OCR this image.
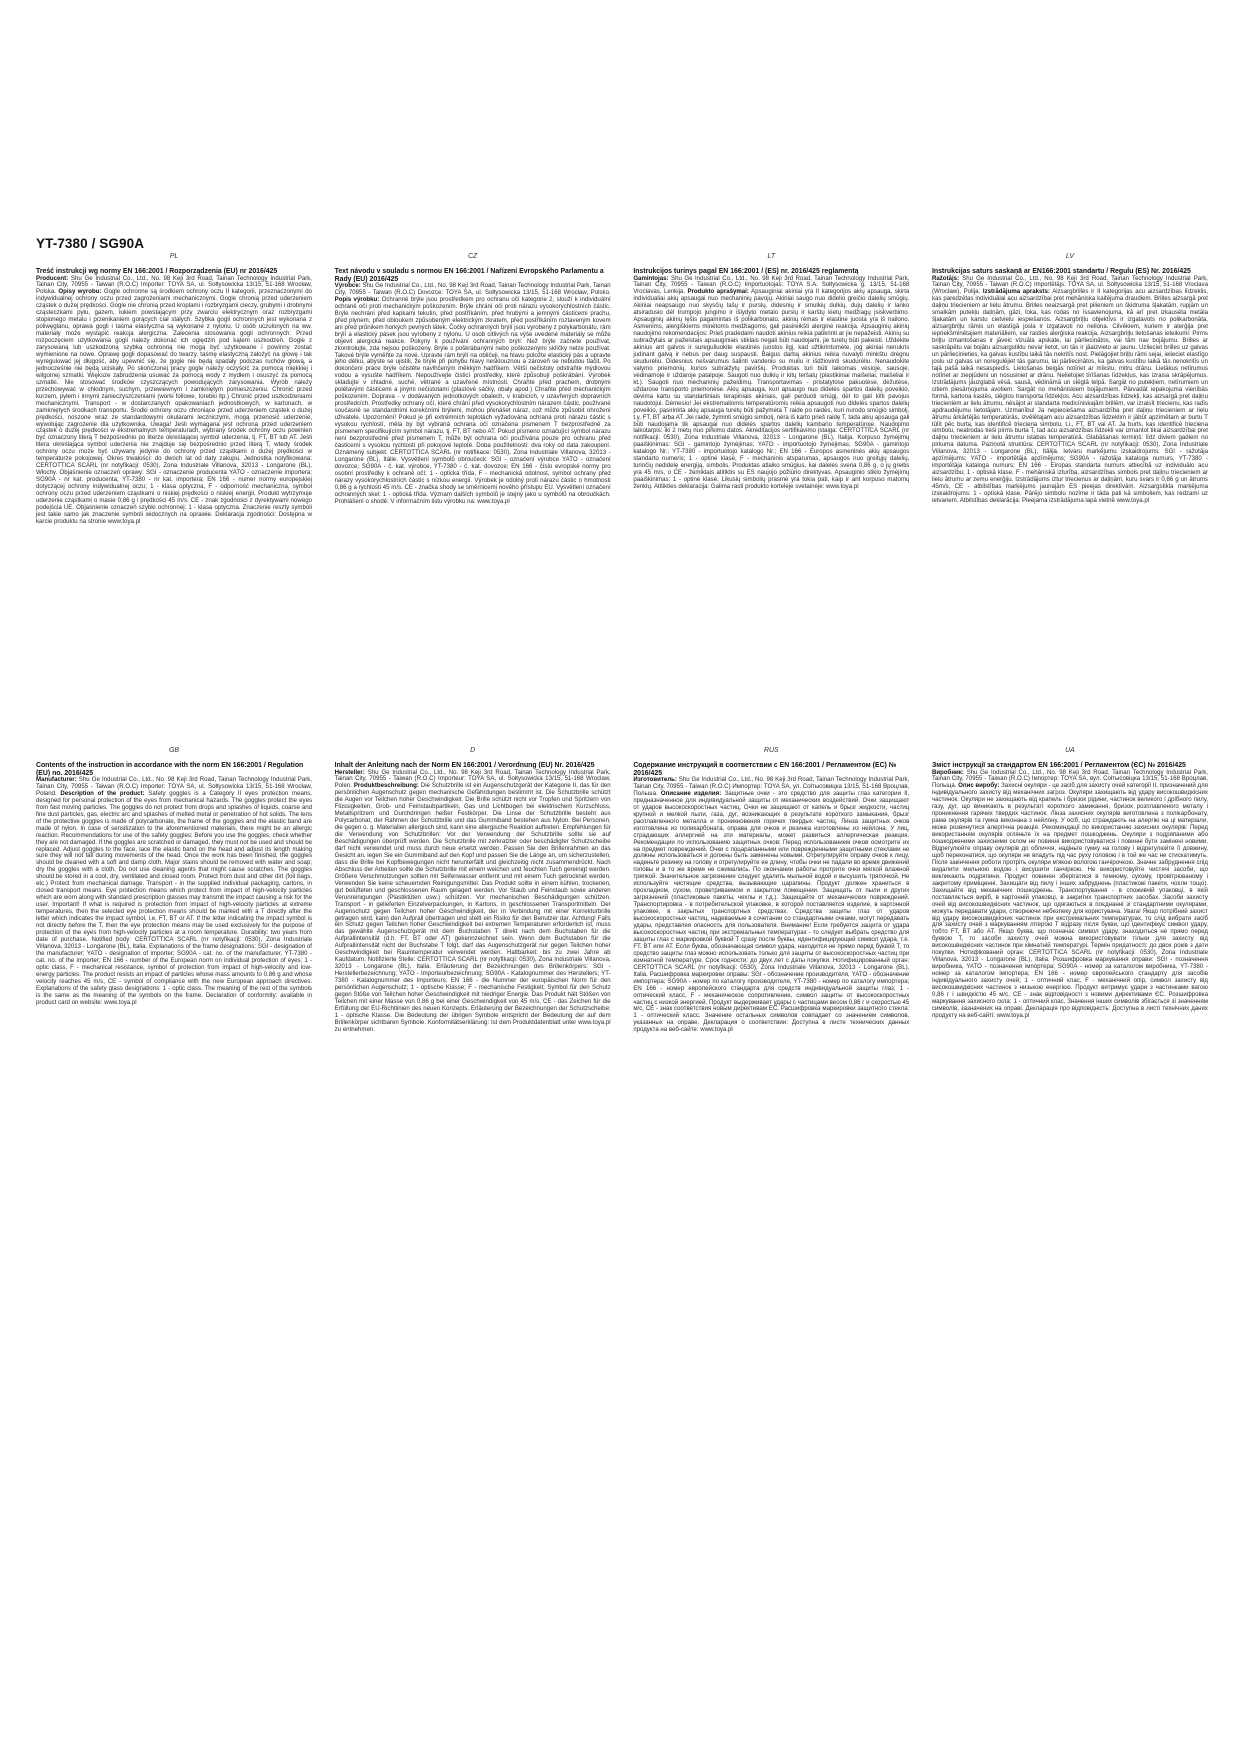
YT-7380 / SG90A
PL
Treść instrukcji wg normy EN 166:2001 / Rozporządzenia (EU) nr 2016/425
Producent: Shu Ge Industrial Co., Ltd., No. 98 Keji 3rd Road, Tainan Technology Industrial Park, Tainan City, 70955 - Taiwan (R.O.C) Importer: TOYA SA, ul. Sołtysowicka 13/15, 51-168 Wrocław, Polska. Opisy wyrobu: Gogle ochronne są środkiem ochrony oczu II kategorii, przeznaczonymi do indywidualnej ochrony oczu przed zagrożeniami mechanicznymi. Gogle chronią przed uderzeniem cząstek o dużej prędkości. Gogle nie chronią przed kroplami i rozbryzgami cieczy, grubymi i drobnymi cząsteczkami pyłu, gazem, łukiem powstającym przy zwarciu elektrycznym oraz rozbryzgami stopionego metalu i przenikaniem gorących ciał stałych. Szybka gogli ochronnych jest wykonana z poliwęglanu, oprawa gogli i taśma elastyczna są wykonane z nylonu. U osób uczulonych na ww. materiały może wystąpić reakcja alergiczna. Zalecenia stosowania gogli ochronnych: Przed rozpoczęciem użytkowania gogli należy dokonać ich oględzin pod kątem uszkodzeń. Gogle z zarysowaną lub uszkodzoną szybką ochronną nie mogą być użytkowane i powinny zostać wymienione na nowe. Oprawę gogli dopasować do twarzy, taśmę elastyczną założyć na głowę i tak wyregulować jej długość, aby upewnić się, że gogle nie będą spadały podczas ruchów głową, a jednocześnie nie będą uciskały. Po skończonej pracy gogle należy oczyścić za pomocą miękkiej i wilgotnej szmatki. Większe zabrudzenia usuwać za pomocą wody z mydłem i osuszyć za pomocą szmatki. Nie stosować środków czyszczących powodujących zarysowania. Wyrób należy przechowywać w chłodnym, suchym, przewiewnym i zamkniętym pomieszczeniu. Chronić przed kurzem, pyłem i innymi zanieczyszczeniami (worki foliowe, torebki itp.) Chronić przed uszkodzeniami mechanicznymi. Transport - w dostarczanych opakowaniach jednostkowych, w kartonach, w zamkniętych środkach transportu. Środki ochrony oczu chroniące przed uderzeniem cząstek o dużej prędkości, noszone wraz ze standardowymi okularami leczniczymi, mogą przenosić uderzenie, wywołując zagrożenie dla użytkownika. Uwaga! Jeśli wymagana jest ochrona przed uderzeniem cząstek o dużej prędkości w ekstremalnych temperaturach, wybrany środek ochrony oczu powinien być oznaczony literą T bezpośrednio po literze określającej symbol uderzenia, tj. FT, BT lub AT. Jeśli litera określająca symbol uderzenia nie znajduje się bezpośrednio przed literą T, wtedy środek ochrony oczu może być używany jedynie do ochrony przed cząstkami o dużej prędkości w temperaturze pokojowej. Okres trwałości: do dwóch lat od daty zakupu. Jednostka notyfikowana: CERTOTTICA SCARL (nr notyfikacji: 0530), Zona Industriale Villanova, 32013 - Longarone (BL), Włochy. Objaśnienie oznaczeń oprawy: SGI - oznaczenie producenta YATO - oznaczenie importera; SG90A - nr kat. producenta, YT-7380 - nr kat. importera; EN 166 - numer normy europejskiej dotyczącej ochrony indywidualnej oczu; 1 - klasa optyczna, F - odporność mechaniczna, symbol ochrony oczu przed uderzeniem cząstkami o niskiej prędkości o niskiej energii. Produkt wytrzymuje uderzenie cząstkami o masie 0,86 g i prędkości 45 m/s. CE - znak zgodności z dyrektywami nowego podejścia UE. Objaśnienie oznaczeń szybki ochronnej: 1 - klasa optyczna. Znaczenie reszty symboli jest takie samo jak znaczenie symboli widocznych na oprawie. Deklaracja zgodności: Dostępna w karcie produktu na stronie www.toya.pl
CZ
Text návodu v souladu s normou EN 166:2001 / Nařízení Evropského Parlamentu a Rady (EU) 2016/425
Výrobce: Shu Ge Industrial Co., Ltd., No. 98 Keji 3rd Road, Tainan Technology Industrial Park, Tainan City, 70955 - Taiwan (R.O.C) Dovozce: TOYA SA, ul. Sołtysowicka 13/15, 51-168 Wrocław, Polsko. Popis výrobku: Ochranné brýle jsou prostředkem pro ochranu očí kategorie 2, slouží k individuální ochraně očí proti mechanickým poškozením. Brýle chrání oči proti nárazu vysokorychlostních částic. Brýle nechrání před kapkami tekutin, před postříkáním, před hrubými a jemnými částicemi prachu, před plynem, před obloukem způsobeným elektrickým zkratem, před postříkáním roztaveným kovem ani před průnikem horkých pevných látek. Čočky ochranných brýlí jsou vyrobeny z polykarbonátu, rám brýlí a elastický pásek jsou vyrobeny z nylonu. U osob citlivých na výše uvedené materiály se může objevit alergická reakce. Pokyny k používání ochranných brýlí: Než brýle začnete používat, zkontrolujte, zda nejsou poškozeny. Brýle s poškrábanými nebo poškozenými sklíčky nelze používat. Takové brýle vyměňte za nové. Upravte rám brýlí na obličeji, na hlavu položte elastický pás a upravte jeho délku, abyste se ujistili, že brýle při pohybu hlavy nesklouznou a zároveň se nebudou tlačit. Po dokončení práce brýle očistěte navlhčeným měkkým hadříkem. Větší nečistoty odstraňte mýdlovou vodou a vysušte hadříkem. Nepoužívejte čisticí prostředky, které způsobují poškrábání. Výrobek skladujte v chladné, suché, větrané a uzavřené místnosti. Chraňte před prachem, drobnými polétavými částicemi a jinými nečistotami (plastové sáčky, obaly apod.) Chraňte před mechanickým poškozením. Doprava - v dodávaných jednotkových obalech, v krabicích, v uzavřených dopravních prostředcích. Prostředky ochrany očí, které chrání před vysokorychlostním nárazem částic, používané současně se standardními korekčními brýlemi, mohou přenášet náraz, což může způsobit ohrožení uživatele. Upozornění! Pokud je při extrémních teplotách vyžadována ochrana proti nárazu částic s vysokou rychlostí, měla by být vybraná ochrana očí označena písmenem T bezprostředně za písmenem specifikujícím symbol nárazu, tj. FT, BT nebo AT. Pokud písmeno označující symbol nárazu není bezprostředně před písmenem T, může být ochrana očí používána pouze pro ochranu před částicemi s vysokou rychlostí při pokojové teplotě. Doba použitelnosti: dva roky od data zakoupení. Oznámený subjekt: CERTOTTICA SCARL (nr notifikace: 0530), Zona Industriale Villanova, 32013 - Longarone (BL), Itálie. Vysvětlení symbolů obroučeck: SGI - označení výrobce YATO - označení dovozce; SG90A - č. kat. výrobce, YT-7380 - č. kat. dovozce; EN 166 - číslo evropské normy pro osobní prostředky k ochraně očí; 1 - optická třída, F - mechanická odolnost, symbol ochrany před nárazy vysokorychlostních částic s nízkou energií. Výrobek je odolný proti nárazu částic o hmotnosti 0,86 g a rychlosti 45 m/s. CE - značka shody se směrnicemi nového přístupu EU. Vysvětlení označení ochranných skel: 1 - optická třída. Význam dalších symbolů je stejný jako u symbolů na obroučkách. Prohlášení o shodě: V informačním listu výrobku na: www.toya.pl
LT
Instrukcijos turinys pagal EN 166:2001 / (ES) nr. 2016/425 reglamentą
Gamintojas: Shu Ge Industrial Co., Ltd., No. 98 Keji 3rd Road, Tainan Technology Industrial Park, Tainan City, 70955 - Taiwan (R.O.C) Importuotojas: TOYA S.A. Sołtysowicka g. 13/15, 51-168 Vroclavas, Lenkija. Produkto aprašymai: Apsauginiai akiniai yra II kategorijos akių apsauga, skirta individualiai akių apsaugai nuo mechaninių pavojų. Akiniai saugo nuo didelio greičio dalelių smūgių. Akiniai neapsaugo nuo skysčių lašų ir purslų, didesnių ir smulkių dulkių, dujų dalelių ir lanko atsiradusio dėl trumpojo jungimo ir išlydyto metalo purslų ir karštų kietų medžiagų įsiskverbimo. Apsauginių akinių lęšis pagamintas iš polikarbonato, akinių rėmas ir elastinė juosta yra iš nailono. Asmenims, alergiškiems minėtoms medžiagoms, gali pasireikšti alerginė reakcija. Apsauginių akinių naudojimo rekomendacijos: Prieš pradėdami naudoti akinius reikia patikrinti ar jie nepažeisti. Akinių su subraižytais ar pažeistais apsauginiais stiklais negali būti naudojami, jie turėtų būti pakeisti. Uždėkite akinius ant galvos ir sureguliuokite elastinės juostos ilgį, kad užtikrintumėte, jog akiniai nenukris judinant galvą ir nebus per daug suspausti. Baigus darbą akinius reikia nuvalyti minkštu drėgnu skudurėliu. Didesnius nešvarumus šalinti vandeniu su muilu ir išdžiovinti skudurėliu. Nenaudokite valymo priemonių, kurios subraižytų paviršių. Produktas turi būti laikomas vėsioje, sausoje, vėdinamoje ir uždaroje patalpoje. Saugoti nuo dulkių ir kitų teršalų (plastikiniai maišeliai, maišeliai ir kt.). Saugoti nuo mechaninių pažeidimų. Transportavimas - pristatytose pakuotėse, dėžutėse, uždarose transporto priemonėse. Akių apsauga, kuri apsaugo nuo didelės spartos dalelių poveikio, dėvima kartu su standartiniais terapiniais akiniais, gali perduoti smūgį, dėl to gali kilti pavojus naudotojui. Dėmesio! Jei ekstremaliomis temperatūromis reikia apsaugoti nuo didelės spartos dalelių poveikio, pasirinkta akių apsauga turėtų būti pažymėta T raide po raidės, kuri nurodo smūgio simbolį, t.y. FT, BT arba AT. Jei raidė, žyminti smūgio simbolį, nėra iš karto prieš raidę T, tada akių apsauga gali būti naudojama tik apsaugai nuo didelės spartos dalelių kambario temperatūroje. Naudojimo laikotarpis: iki 2 metų nuo pirkimo datos. Akreditacijos sertifikavimo įstaiga: CERTOTTICA SCARL (nr notifikacji: 0530), Zona Industriale Villanova, 32013 - Longarone (BL), Italija. Korpuso žymėjimų paaiškinimas: SGI - gamintojo žymėjimas; YATO - importuotojo žymėjimas; SG90A - gamintojo katalogo Nr.; YT-7380 - importuotojo katalogo Nr.; EN 166 - Europos asmeninės akių apsaugos standarto numeris; 1 - optinė klasė, F - mechaninis atsparumas, apsaugos nuo greitųjų dalelių, turinčių nedidelę energiją, simbolis. Produktas atlaiko smūgius, kai dalelės sveria 0,86 g, o jų greitis yra 45 m/s, o CE - žemiklais atitiktis su ES naujojo požiūrio direktyvas. Apsauginio stiklo žymėjimų paaiškinimas: 1 - optinė klasė. Likusių simbolių prasmė yra tokia pati, kaip ir ant korpuso matomų ženklų. Atitikties deklaracija: Galima rasti produkto kortelėje svetainėje: www.toya.pl
LV
Instrukcijas saturs saskaņā ar EN166:2001 standartu / Regulu (ES) Nr. 2016/425
Ražotājs: Shu Ge Industrial Co., Ltd., No. 98 Keji 3rd Road, Tainan Technology Industrial Park, Tainan City, 70955 - Taiwan (R.O.C) Importētājs: TOYA SA, ul. Sołtysowicka 13/15, 51-168 Vroclava (Wrocław), Polija. Izstrādājuma apraksts: Aizsargbrilles ir II kategorijas acu aizsardzības līdzeklis, kas paredzētas individuālai acu aizsardzībai pret mehāniska kaitējuma draudiem. Brilles aizsargā pret daļiņu triecieniem ar lielu ātrumu. Brilles neaizsargā pret pilieniem un šķidruma šļakatām, rupjām un smalkām putekļu daļiņām, gāzi, loka, kas rodas no īssavienojuma, kā arī pret izkausēta metāla šļakatām un karstu cietvielu iespiešanos. Aizsargbriļļu objektīvs ir izgatavots no polikarbonāta, aizsargbriļļu rāmis un elastīgā josla ir izgatavoti no neilona. Cilvēkiem, kuriem ir alerģija pret iepriekšminētajiem materiāliem, var rasties alerģiska reakcija. Aizsargbriļļu lietošanas ieteikumi: Pirms briļļu izmantošanas ir jāveic vizuāla apskate, lai pārliecinātos, vai tām nav bojājumu. Brilles ar saskrāpētu vai bojātu aizsargstiklu nevar lietot, un tās ir jāaizvieto ar jaunu. Uzlieciet brilles uz galvas un pārliecinieties, ka galvas kustību laikā tās nekritīs nost. Pielāgojiet briļļu rāmi sejai, ielieciet elastīgo joslu uz galvas un noregulējiet tās garumu, lai pārliecinātos, ka galvas kustību laikā tās nenokritīs un tajā pašā laikā nesaspiedīs. Lietošanas beigās notīriet ar mīkstu, mitru drānu. Lielākus netīrumus notīriet ar ziepjūdeni un nosusiniet ar drānu. Nelietojiet tīrīšanas līdzekļus, kas izraisa skrāpējumus. Izstrādājums jāuzglabā vēsā, sausā, vēdināmā un slēgtā telpā. Sargāt no putekļiem, netīrumiem un citiem piesārņojuma avotiem. Sargāt no mehāniskiem bojājumiem. Pārvadāt iepakojuma vienībās formā, kartona kastēs, slēgtos transporta līdzekļos. Acu aizsardzības līdzekļi, kas aizsargā pret daļiņu triecieniem ar lielu ātrumu, nēsājot ar standarta medicīniskajām brillēm, var izraisīt triecienu, kas radīs apdraudējumu lietotājam. Uzmanību! Ja nepieciešama aizsardzība pret daļiņu triecieniem ar lielu ātrumu ārkārtējās temperatūrās, izvēlētajam acu aizsardzības līdzeklim ir jābūt apzīmētam ar burtu T tūlīt pēc burta, kas identificē trieciena simbolu, t.i., FT, BT vai AT. Ja burts, kas identificē trieciena simbolu, neatrodas tieši pirms burta T, tad acu aizsardzības līdzekli var izmantot tikai aizsardzībai pret daļiņu triecieniem ar lielu ātrumu istabas temperatūrā. Glabāšanas termiņš: līdz diviem gadiem no pirkuma datuma. Paziņotā struktūra: CERTOTTICA SCARL (nr notyfikacji: 0530), Zona Industriale Villanova, 32013 - Longarone (BL), Itālija. Ietvaru marķējumu izskaidrojums: SGI - ražotāja apzīmējums; YATO - importētāja apzīmējums; SG90A - ražotāja kataloga numurs, YT-7380 - importētāja kataloga numurs; EN 166 - Eiropas standarta numurs attiecībā uz individuālo acu aizsardzību; 1 - optiskā klase, F - mehāniskā izturība, aizsardzības simbols pret daļiņu triecieniem ar lielu ātrumu ar zemu enerģiju. Izstrādājums iztur triecienus ar daļiņām, kuru svars ir 0,86 g un ātrums 45m/s, CE - atbilstības marķējums jaunajām ES pieejas direktīvām. Aizsargstikla marķējuma izskaidrojums: 1 - optiskā klase. Pārējo simbolu nozīme ir tāda pati kā simboliem, kas redzami uz ietvariem. Atbilstības deklarācija: Pieejama izstrādājuma lapā vietnē www.toya.pl
GB
Contents of the instruction in accordance with the norm EN 166:2001 / Regulation (EU) no. 2016/425
Manufacturer: Shu Ge Industrial Co., Ltd., No. 98 Keji 3rd Road, Tainan Technology Industrial Park, Tainan City, 70955 - Taiwan (R.O.C) Importer: TOYA SA, ul. Sołtysowicka 13/15, 51-168 Wrocław, Poland. Description of the product: Safety goggles is a Category II eyes protection means, designed for personal protection of the eyes from mechanical hazards. The goggles protect the eyes from fast moving particles. The goggles do not protect from drops and splashes of liquids, coarse and fine dust particles, gas, electric arc and splashes of melted metal or penetration of hot solids. The lens of the protective goggles is made of polycarbonate, the frame of the goggles and the elastic band are made of nylon. In case of sensitization to the aforementioned materials, there might be an allergic reaction. Recommendations for use of the safety goggles: Before you use the goggles, check whether they are not damaged. If the goggles are scratched or damaged, they must not be used and should be replaced. Adjust goggles to the face, lace the elastic band on the head and adjust its length making sure they will not fall during movements of the head. Once the work has been finished, the goggles should be cleaned with a soft and damp cloth. Major stains should be removed with water and soap; dry the goggles with a cloth. Do not use cleaning agents that might cause scratches. The goggles should be stored in a cool, dry, ventilated and closed room. Protect from dust and other dirt (foil bags, etc.) Protect from mechanical damage. Transport - in the supplied individual packaging, cartons, in closed transport means. Eye protection means which protect from impact of high-velocity particles which are worn along with standard prescription glasses may transmit the impact causing a risk for the user. Important! If what is required is protection from impact of high-velocity particles at extreme temperatures, then the selected eye protection means should be marked with a T directly after the letter which indicates the impact symbol, i.e. FT, BT or AT. If the letter indicating the impact symbol is not directly before the T, then the eye protection means may be used exclusively for the purpose of protection of the eyes from high-velocity particles at a room temperature. Durability: two years from date of purchase. Notified body: CERTOTTICA SCARL (nr notyfikacji: 0530), Zona Industriale Villanova, 32013 - Longarone (BL), Italia. Explanations of the frame designations: SGI - designation of the manufacturer; YATO - designation of importer; SG90A - cat. no. of the manufacturer, YT-7380 - cat. no. of the importer; EN 166 - number of the European norm on individual protection of eyes; 1 - optic class, F - mechanical resistance, symbol of protection from impact of high-velocity and low-energy particles. The product resists an impact of particles whose mass amounts to 0.86 g and whose velocity reaches 45 m/s, CE - symbol of compliance with the new European approach directives. Explanations of the safety glass designations: 1 - optic class. The meaning of the rest of the symbols is the same as the meaning of the symbols on the frame. Declaration of conformity: available in product card on website: www.toya.pl
D
Inhalt der Anleitung nach der Norm EN 166:2001 / Verordnung (EU) Nr. 2016/425
Hersteller: Shu Ge Industrial Co., Ltd., No. 98 Keji 3rd Road, Tainan Technology Industrial Park, Tainan City, 70955 - Taiwan (R.O.C) Importeur: TOYA SA, ul. Sołtysowicka 13/15, 51-168 Wrocław, Polen. Produktbeschreibung: Die Schutzbrille ist ein Augenschutzgerät der Kategorie II, das für den persönlichen Augenschutz gegen mechanische Gefährdungen bestimmt ist. Die Schutzbrille schützt die Augen vor Teilchen hoher Geschwindigkeit. Die Brille schützt nicht vor Tropfen und Spritzern von Flüssigkeiten, Grob- und Feinstaubpartikeln, Gas und Lichtbogen bei elektrischem Kurzschluss, Metallspritzern und Durchdringen heißer Festkörper. Die Linse der Schutzbrille besteht aus Polycarbonat, der Rahmen der Schutzbrille und das Gummiband bestehen aus Nylon. Bei Personen, die gegen o. g. Materialien allergisch sind, kann eine allergische Reaktion auftreten. Empfehlungen für die Verwendung von Schutzbrillen: Vor der Verwendung der Schutzbrille sollte sie auf Beschädigungen überprüft werden. Die Schutzbrille mit zerkratzter oder beschädigter Schutzscheibe darf nicht verwendet und muss durch neue ersetzt werden. Passen Sie den Brillenrahmen an das Gesicht an, legen Sie ein Gummiband auf den Kopf und passen Sie die Länge an, um sicherzustellen, dass die Brille bei Kopfbewegungen nicht herunterfällt und gleichzeitig nicht zusammendrückt. Nach Abschluss der Arbeiten sollte die Schutzbrille mit einem weichen und feuchten Tuch gereinigt werden. Größere Verschmutzungen sollten mit Seifenwasser entfernt und mit einem Tuch getrocknet werden. Verwenden Sie keine scheuernden Reinigungsmittel. Das Produkt sollte in einem kühlen, trockenen, gut belüfteten und geschlossenen Raum gelagert werden. Vor Staub und Feinstaub sowie anderen Verunreinigungen (Plastiktüten usw.) schützen. Vor mechanischen Beschädigungen schützen. Transport - in gelieferten Einzelverpackungen, in Kartons, in geschlossenen Transportmitteln. Der Augenschutz gegen Teilchen hoher Geschwindigkeit, der in Verbindung mit einer Korrekturbrille getragen wird, kann den Aufprall übertragen und stellt ein Risiko für den Benutzer dar. Achtung! Falls ein Schutz gegen Teilchen hoher Geschwindigkeit bei extremen Temperaturen erforderlich ist, muss das gewählte Augenschutzgerät mit dem Buchstaben T direkt nach dem Buchstaben für die Aufprallintensität (d.h. FT, BT oder AT) gekennzeichnet sein. Wenn dem Buchstaben für die Aufprallintensität nicht der Buchstabe T folgt, darf das Augenschutzgerät nur gegen Teilchen hoher Geschwindigkeit bei Raumtemperatur verwendet werden. Haltbarkeit: bis zu zwei Jahre ab Kaufdatum. Notifizierte Stelle: CERTOTTICA SCARL (nr notyfikacji: 0530), Zona Industriale Villanova, 32013 - Longarone (BL), Italia. Erläuterung der Bezeichnungen des Brillenkörpers: SGI - Herstellerbezeichnung; YATO - Importeurbezeichnung; SG90A - Katalognummer des Herstellers; YT-7380 - Katalognummer des Importeurs; EN 166 - die Nummer der europäischen Norm für den persönlichen Augenschutz; 1 - optische Klasse; F - mechanische Festigkeit; Symbol für den Schutz gegen Stöße von Teilchen hoher Geschwindigkeit mit niedriger Energie. Das Produkt hält Stößen von Teilchen mit einer Masse von 0,86 g bei einer Geschwindigkeit von 45 m/s, CE - das Zeichen für die Erfüllung der EU-Richtlinien des neuen Konzepts. Erläuterung der Bezeichnungen der Schutzscheibe: 1 - optische Klasse. Die Bedeutung der übrigen Symbole entspricht der Bedeutung der auf dem Brillenkörper sichtbaren Symbole. Konformitätserklärung: Ist dem Produktdatenblatt unter www.toya.pl zu entnehmen.
RUS
Содержание инструкций в соответствии с EN 166:2001 / Регламентом (ЕС) № 2016/425
Изготовитель: Shu Ge Industrial Co., Ltd., No. 98 Keji 3rd Road, Tainan Technology Industrial Park, Tainan City, 70955 - Taiwan (R.O.C) Импортер: TOYA SA, ул. Сołтысовицка 13/15, 51-168 Вроцлав, Польша. Описание изделия: Защитные очки - это средство для защиты глаз категории II, предназначенное для индивидуальной защиты от механических воздействий. Очки защищают от ударов высокоскоростных частиц. Очки не защищают от капель и брызг жидкости, частиц крупной и мелкой пыли, газа, дуг, возникающих в результате короткого замыкания, брызг расплавленного металла и проникновения горячих твердых частиц. Линза защитных очков изготовлена из поликарбоната, оправа для очков и резинка изготовлены из нейлона. У лиц, страдающих аллергией на эти материалы, может развиться аллергическая реакция. Рекомендации по использованию защитных очков: Перед использованием очков осмотрите их на предмет повреждений. Очки с поцарапанными или поврежденными защитными стеклами не должны использоваться и должны быть заменены новыми. Отрегулируйте оправу очков к лицу, наденьте резинку на голову и отрегулируйте ее длину, чтобы очки не падали во время движений головы и в то же время не сжимались. По окончании работы протрите очки мягкой влажной тряпкой. Значительное загрязнение следует удалить мыльной водой и высушить тряпочкой. Не используйте чистящие средства, вызывающие царапины. Продукт должен храниться в прохладном, сухом, проветриваемом и закрытом помещении. Защищать от пыли и других загрязнений (пластиковые пакеты, чехлы и т.д.). Защищайте от механических повреждений. Транспортировка - в потребительской упаковке, в которой поставляется изделие, в картонной упаковке, в закрытых транспортных средствах. Средства защиты глаз от ударов высокоскоростных частиц, надеваемые в сочетании со стандартными очками, могут передавать удары, представляя опасность для пользователя. Внимание! Если требуется защита от удара высокоскоростных частиц при экстремальных температурах - то следует выбрать средство для защиты глаз с маркировкой буквой T сразу после буквы, идентифицирующей символ удара, т.е. FT, BT или AT. Если буква, обозначающая символ удара, находится не прямо перед буквой T, то средство защиты глаз можно использовать только для защиты от высокоскоростных частиц при комнатной температуре. Срок годности: до двух лет с даты покупки. Нотифицированный орган: CERTOTTICA SCARL (nr notyfikacji: 0530), Zona Industriale Villanova, 32013 - Longarone (BL), Italia. Расшифровка маркировки оправы: SGI - обозначение производителя, YATO - обозначение импортера; SG90A - номер по каталогу производителя, YT-7380 - номер по каталогу импортера; EN 166 - номер европейского стандарта для средств индивидуальной защиты глаз; 1 - оптический класс, F - механическое сопротивление, символ защиты от высокоскоростных частиц с низкой энергией. Продукт выдерживает удары с частицами весом 0,86 г и скоростью 45 м/с, CE - знак соответствия новым директивам ЕС. Расшифровка маркировки защитного стекла: 1 - оптический класс. Значение остальных символов совпадает со значением символов, указанных на оправе. Декларация о соответствии: Доступна в листе технических данных продукта на веб-сайте: www.toya.pl
UA
Зміст інструкції за стандартом EN 166:2001 / Регламентом (ЄС) № 2016/425
Виробник: Shu Ge Industrial Co., Ltd., No. 98 Keji 3rd Road, Tainan Technology Industrial Park, Tainan City, 70955 - Taiwan (R.O.C) Імпортер: TOYA SA, вул. Сołтысовіцка 13/15, 51-168 Вроцлав, Польща. Опис виробу: Захисні окуляри - це засіб для захисту очей категорії II, призначений для індивідуального захисту від механічних загроз. Окуляри захищають від удару високошвидкісних частинок. Окуляри не захищають від крапель і бризок рідини, частинок великого і дрібного пилу, газу, дуг, що виникають в результаті короткого замикання, бризок розплавленого металу і проникнення гарячих твердих частинок. Лінза захисних окулярів виготовлена з полікарбонату, рама окулярів та гумка виконана з нейлону. У осіб, що страждають на алергію на ці матеріали, може розвинутися алергічна реакція. Рекомендації по використанню захисних окулярів: Перед використанням окулярів огляньте їх на предмет пошкоджень. Окуляри з подряпаними або пошкодженими захисними склом не повинні використовуватися і повинні бути замінені новими. Відрегулюйте оправу окулярів до обличчя, надіньте гумку на голову і відрегулюйте її довжину, щоб переконатися, що окуляри не впадуть під час руху головою і в той же час не стискатимуть. Після закінчення роботи протріть окуляри м'якою вологою ганчірочкою. Значне забруднення слід видалити мильною водою і висушити ганчіркою. Не використовуйте чистячі засоби, що викликають подряпини. Продукт повинен зберігатися в темному, сухому, провітрюваному і закритому приміщенні. Захищати від пилу і інших забруднень (пластикові пакети, чохли тощо). Захищайте від механічних пошкоджень. Транспортування - в споживчій упаковці, в якій поставляється виріб, в картонній упаковці, в закритих транспортних засобах. Засоби захисту очей від високошвидкісних частинок, що одягаються в поєднанні зі стандартними окулярами, можуть передавати удари, створюючи небезпеку для користувача. Увага! Якщо потрібний захист від удару високошвидкісних частинок при екстремальних температурах, то слід вибрати засіб для захисту очей з маркуванням літерою T відразу після букви, що ідентифікує символ удару, тобто FT, BT або AT. Якщо буква, що позначає символ удару, знаходиться не прямо перед буквою T, то засоби захисту очей можна використовувати тільки для захисту від високошвидкісних частинок при кімнатній температурі. Термін придатності: до двох років з дати покупки. Нотифікований орган: CERTOTTICA SCARL (nr notyfikacji: 0530), Zona Industriale Villanova, 32013 - Longarone (BL), Italia. Розшифровка маркування оправи: SGI - позначення виробника, YATO - позначення імпортера; SG90A - номер за каталогом виробника, YT-7380 - номер за каталогом імпортера; EN 166 - номер європейського стандарту для засобів індивідуального захисту очей; 1 - оптичний клас, F - механічний опір, символ захисту від високошвидкісних частинок з низькою енергією. Продукт витримує удари з частинками вагою 0,86 г і швидкістю 45 м/с, CE - знак відповідності з новими директивами ЄС. Розшифровка маркування захисного скла: 1 - оптичний клас. Значення інших символів збігається зі значенням символів, зазначених на оправі. Декларація про відповідність: Доступна в листі технічних даних продукту на веб-сайті: www.toya.pl
